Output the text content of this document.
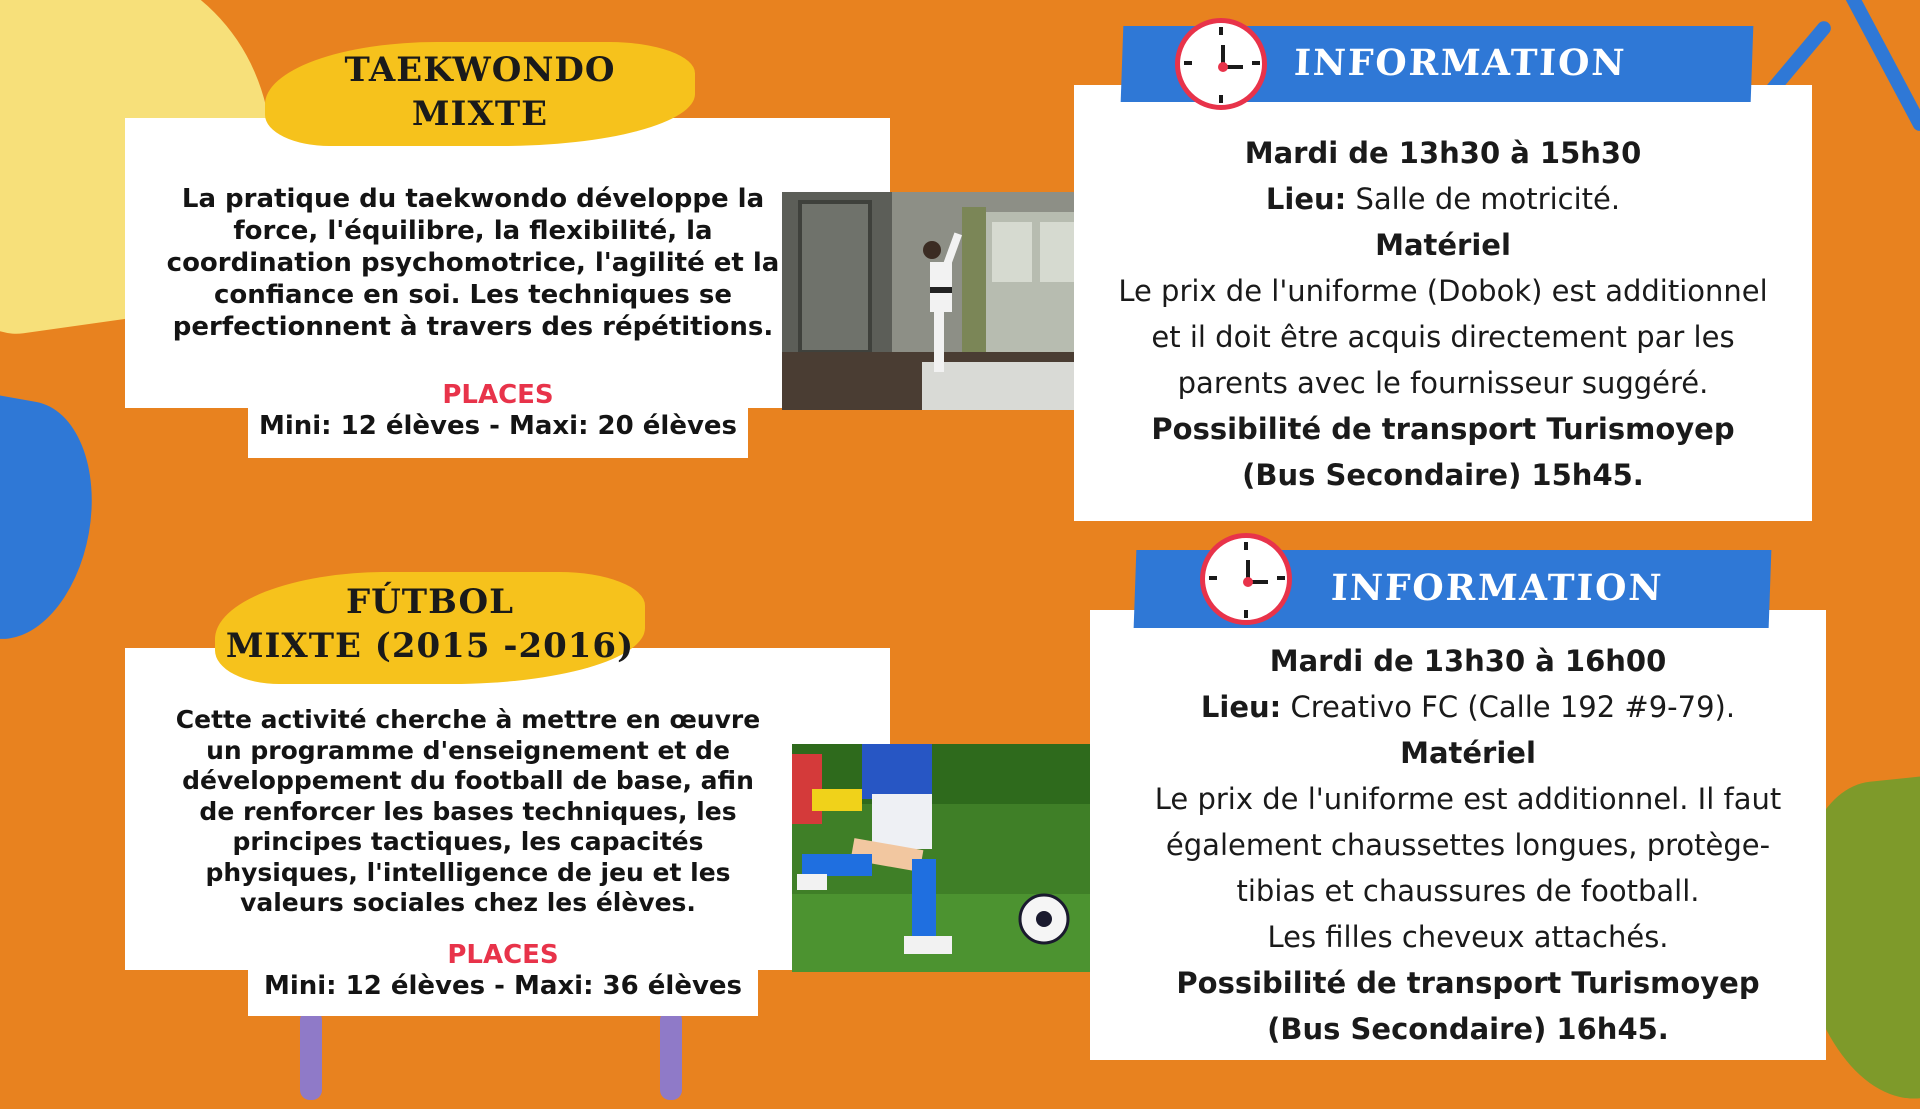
La pratique du taekwondo développe la force, l'équilibre, la flexibilité, la coordination psychomotrice, l'agilité et la confiance en soi. Les techniques se perfectionnent à travers des répétitions.

PLACES
Mini: 12 élèves - Maxi: 20 élèves
TAEKWONDO
MIXTE
INFORMATION
Mardi de 13h30 à 15h30
Lieu: Salle de motricité.
Matériel
Le prix de l'uniforme (Dobok) est additionnel
et il doit être acquis directement par les
parents avec le fournisseur suggéré.
Possibilité de transport Turismoyep
(Bus Secondaire) 15h45.

Cette activité cherche à mettre en œuvre un programme d'enseignement et de développement du football de base, afin de renforcer les bases techniques, les principes tactiques, les capacités physiques, l'intelligence de jeu et les valeurs sociales chez les élèves.

PLACES
Mini: 12 élèves - Maxi: 36 élèves
FÚTBOL
MIXTE (2015 -2016)
INFORMATION
Mardi de 13h30 à 16h00
Lieu: Creativo FC (Calle 192 #9-79).
Matériel
Le prix de l'uniforme est additionnel. Il faut
également chaussettes longues, protège-
tibias et chaussures de football.
Les filles cheveux attachés.
Possibilité de transport Turismoyep
(Bus Secondaire) 16h45.
